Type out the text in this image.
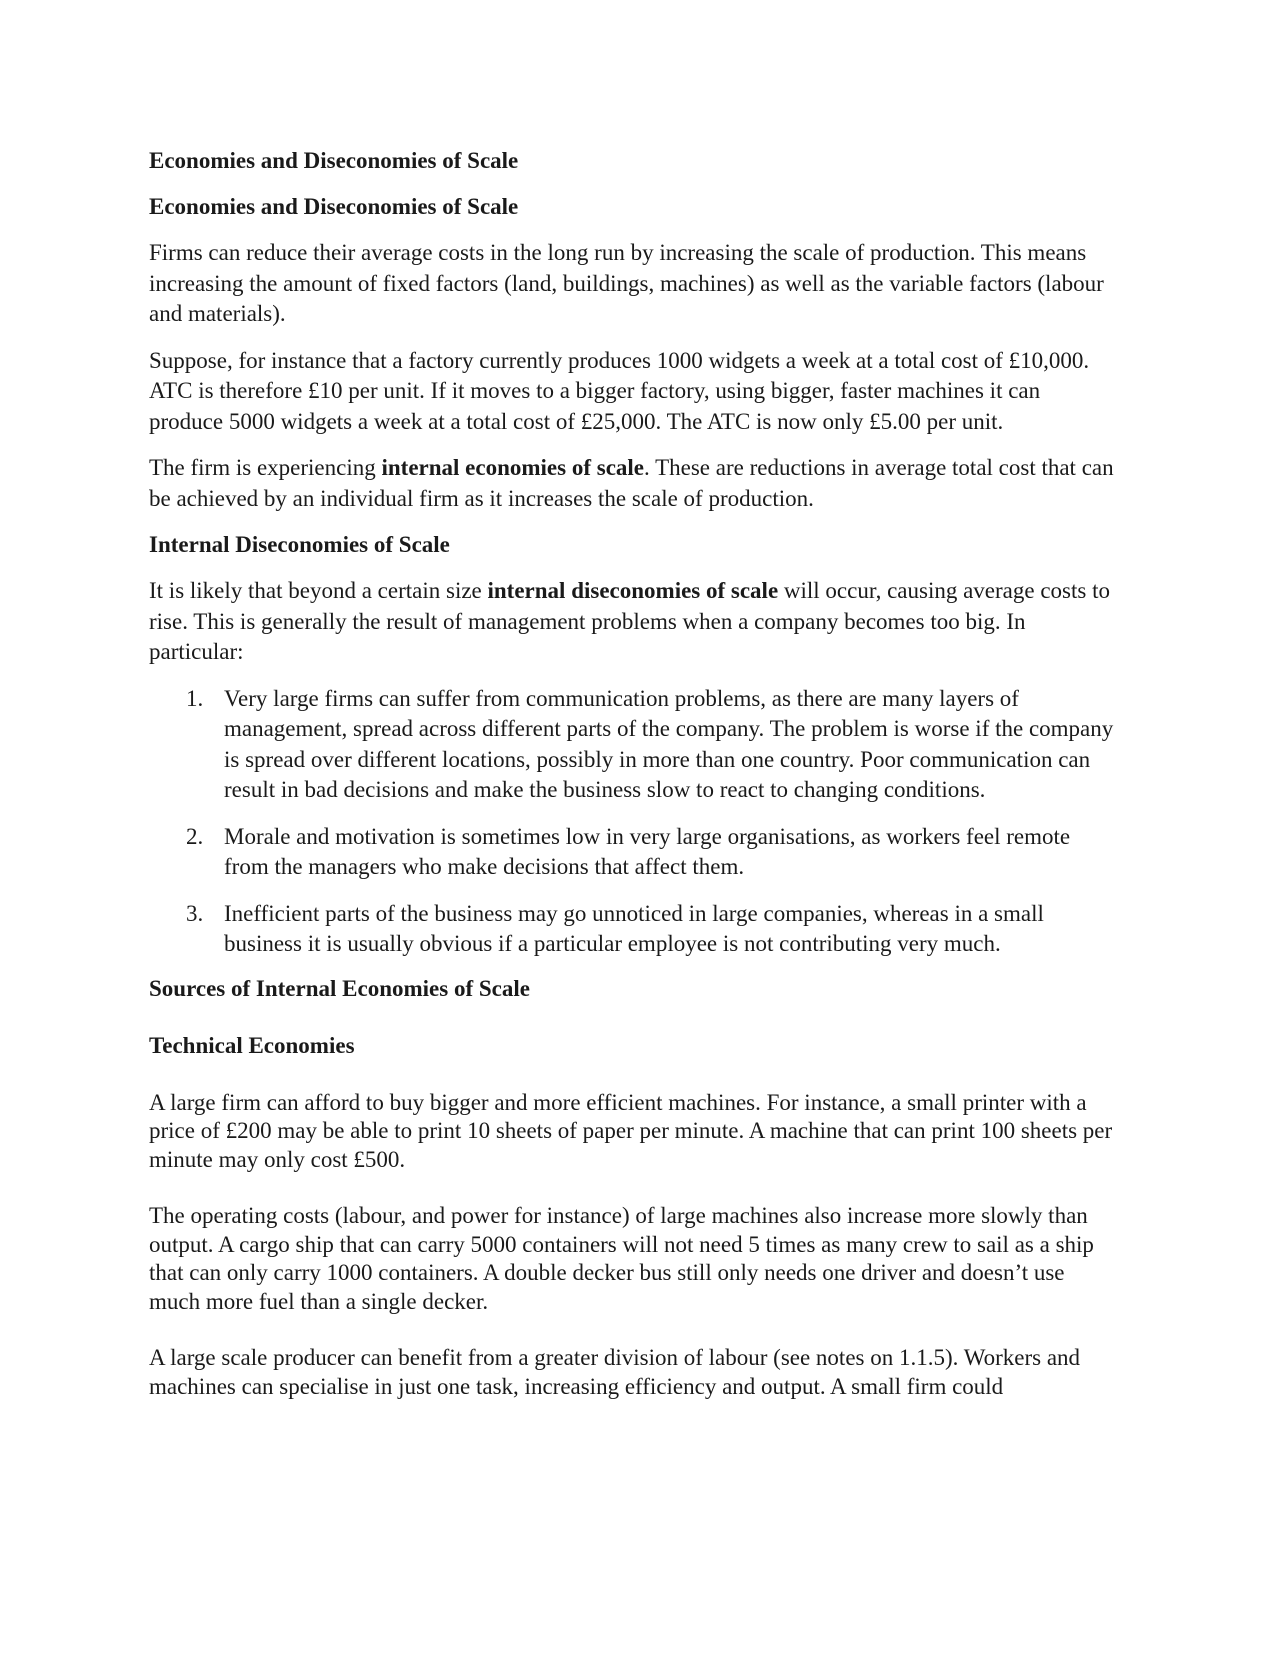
Economies and Diseconomies of Scale
Economies and Diseconomies of Scale

Firms can reduce their average costs in the long run by increasing the scale of production. This means increasing the amount of fixed factors (land, buildings, machines) as well as the variable factors (labour and materials).

Suppose, for instance that a factory currently produces 1000 widgets a week at a total cost of £10,000. ATC is therefore £10 per unit. If it moves to a bigger factory, using bigger, faster machines it can produce 5000 widgets a week at a total cost of £25,000. The ATC is now only £5.00 per unit.

The firm is experiencing internal economies of scale. These are reductions in average total cost that can be achieved by an individual firm as it increases the scale of production.

Internal Diseconomies of Scale

It is likely that beyond a certain size internal diseconomies of scale will occur, causing average costs to rise. This is generally the result of management problems when a company becomes too big. In particular:

1. Very large firms can suffer from communication problems, as there are many layers of management, spread across different parts of the company. The problem is worse if the company is spread over different locations, possibly in more than one country. Poor communication can result in bad decisions and make the business slow to react to changing conditions.
2. Morale and motivation is sometimes low in very large organisations, as workers feel remote from the managers who make decisions that affect them.
3. Inefficient parts of the business may go unnoticed in large companies, whereas in a small business it is usually obvious if a particular employee is not contributing very much.
Sources of Internal Economies of Scale
Technical Economies

A large firm can afford to buy bigger and more efficient machines. For instance, a small printer with a price of £200 may be able to print 10 sheets of paper per minute. A machine that can print 100 sheets per minute may only cost £500.

The operating costs (labour, and power for instance) of large machines also increase more slowly than output. A cargo ship that can carry 5000 containers will not need 5 times as many crew to sail as a ship that can only carry 1000 containers. A double decker bus still only needs one driver and doesn’t use much more fuel than a single decker.

A large scale producer can benefit from a greater division of labour (see notes on 1.1.5). Workers and machines can specialise in just one task, increasing efficiency and output. A small firm could
